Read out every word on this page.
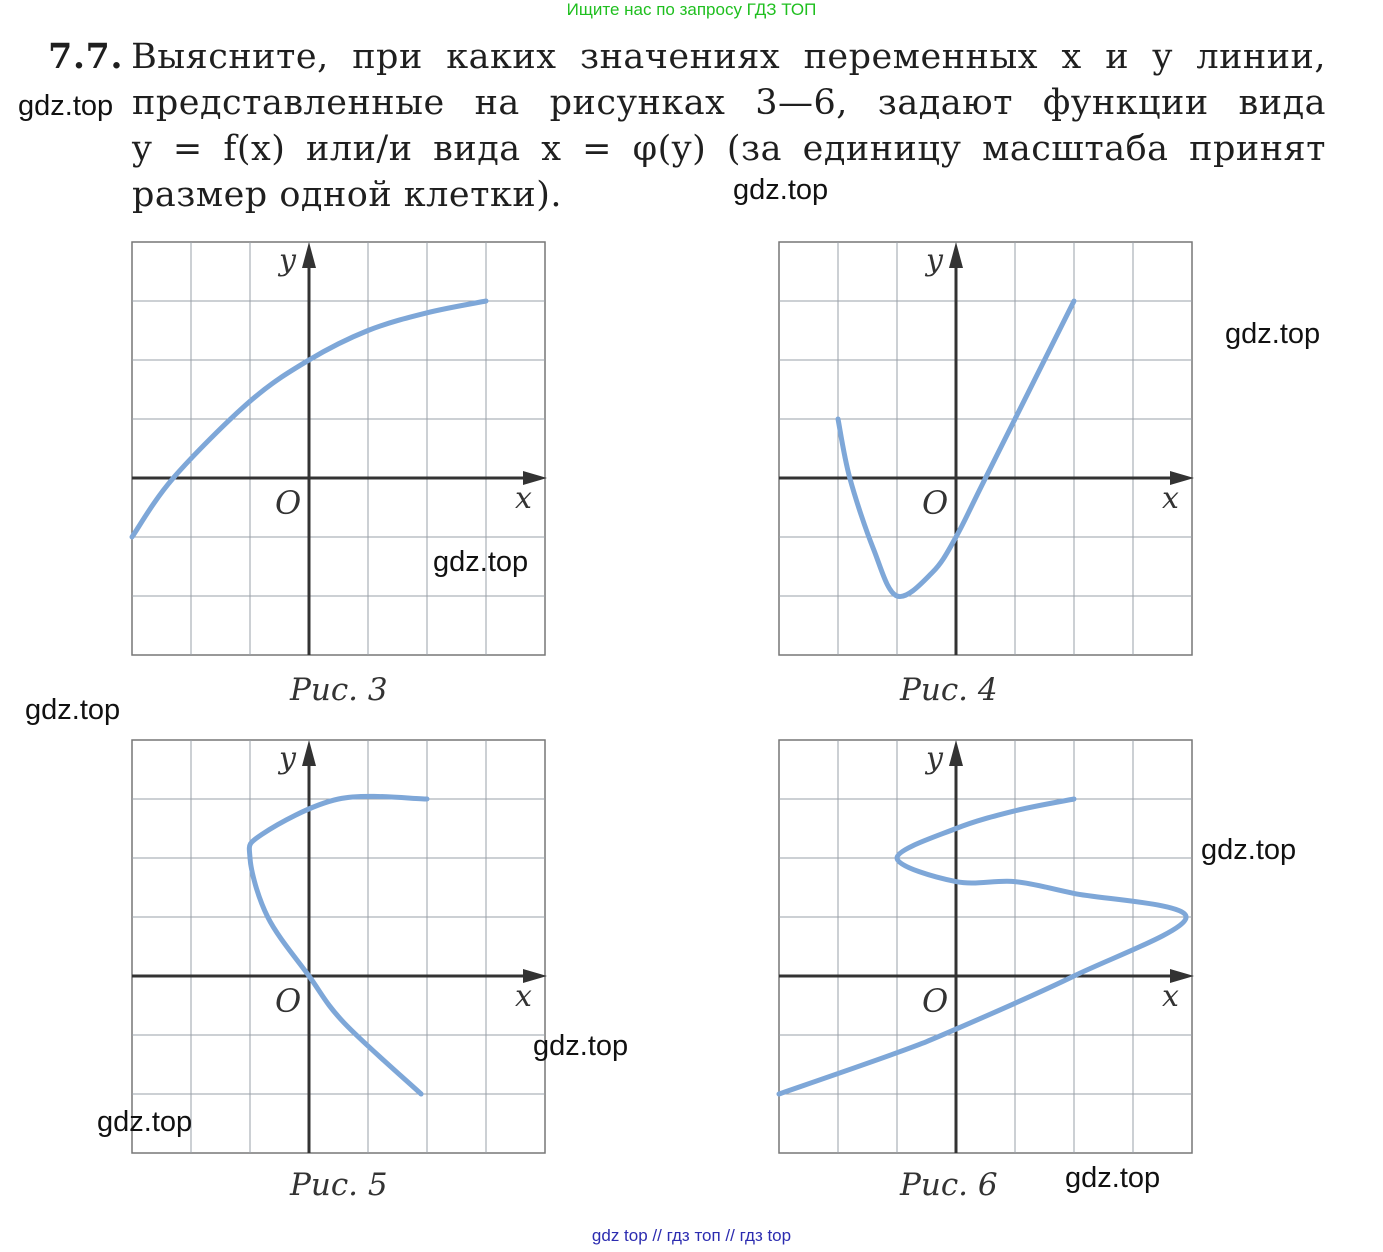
Ищите нас по запросу ГДЗ ТОП
7.7. Выясните, при каких значениях переменных x и y линии,
представленные на рисунках 3—6, задают функции вида
y = f(x) или/и вида x = φ(y) (за единицу масштаба принят
размер одной клетки).
y
x
O
Рис. 3
y
x
O
Рис. 4
y
x
O
Рис. 5
y
x
O
Рис. 6
gdz.top
gdz.top
gdz.top
gdz.top
gdz.top
gdz.top
gdz.top
gdz.top
gdz.top
gdz top // гдз топ // гдз top
